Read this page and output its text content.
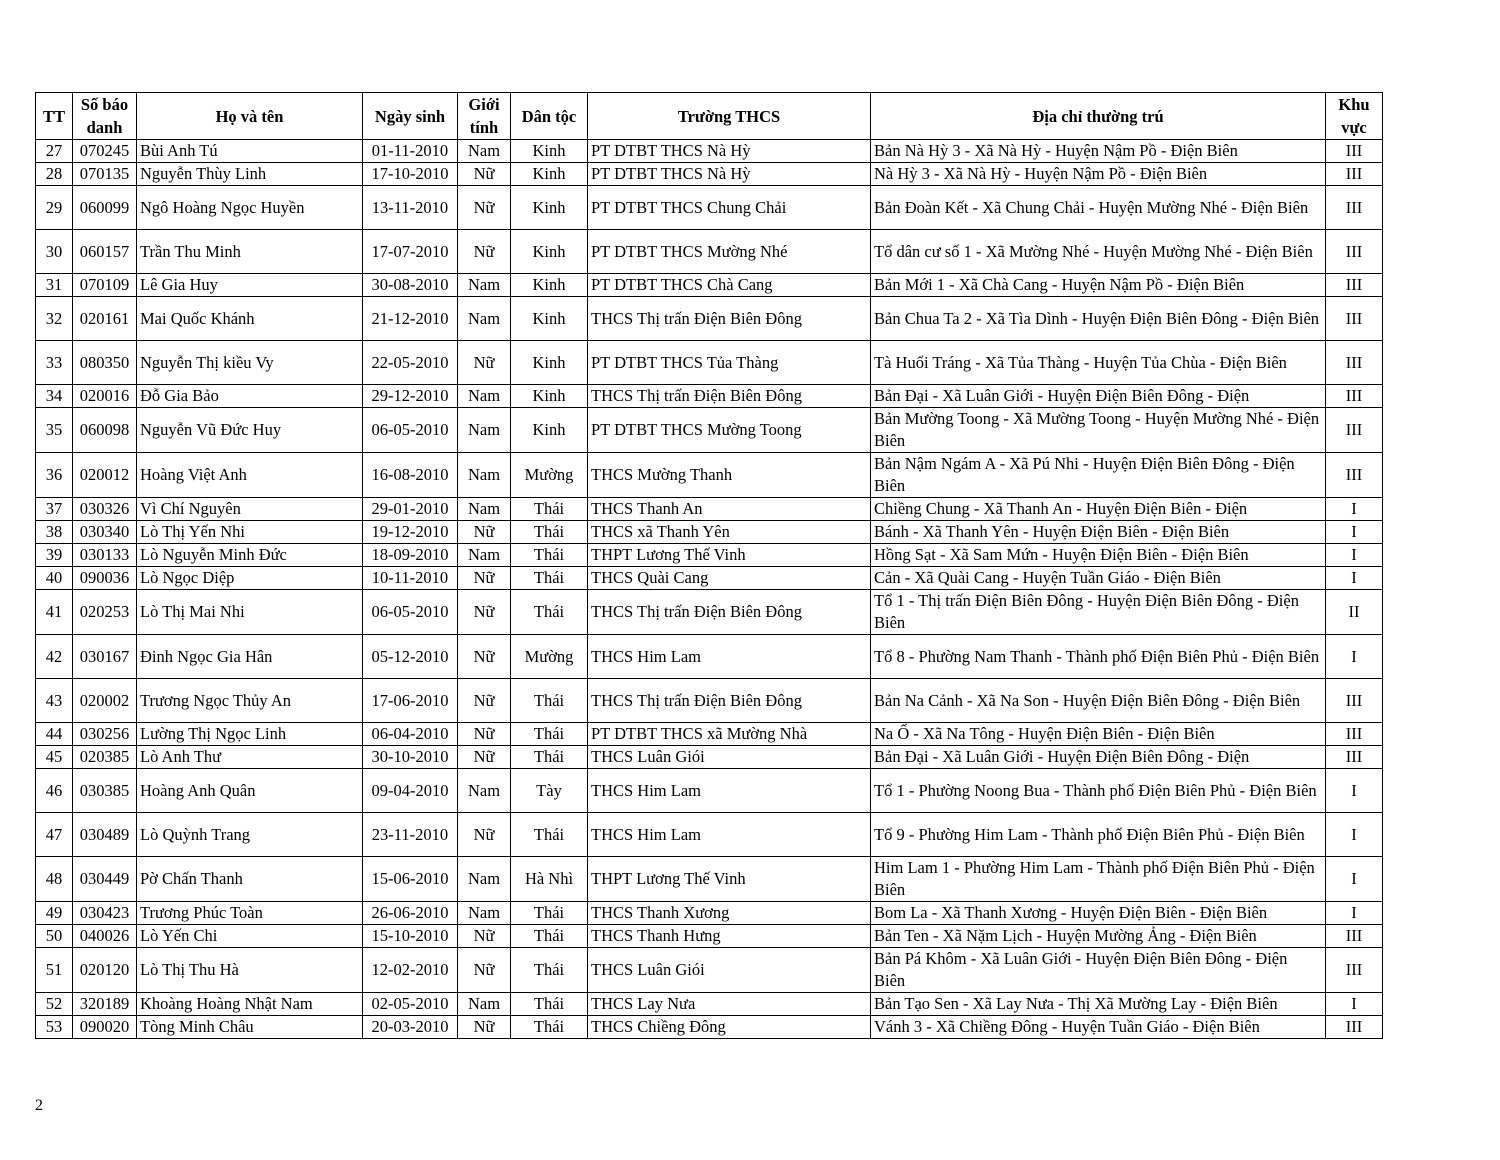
TT	Số báo danh	Họ và tên	Ngày sinh	Giới tính	Dân tộc	Trường THCS	Địa chỉ thường trú	Khu vực
27	070245	Bùi Anh Tú	01-11-2010	Nam	Kinh	PT DTBT THCS Nà Hỳ	Bản Nà Hỳ 3 - Xã Nà Hỳ - Huyện Nậm Pồ - Điện Biên	III
28	070135	Nguyễn Thùy Linh	17-10-2010	Nữ	Kinh	PT DTBT THCS Nà Hỳ	Nà Hỳ 3 - Xã Nà Hỳ - Huyện Nậm Pồ - Điện Biên	III
29	060099	Ngô Hoàng Ngọc Huyền	13-11-2010	Nữ	Kinh	PT DTBT THCS Chung Chải	Bản Đoàn Kết - Xã Chung Chải - Huyện Mường Nhé - Điện Biên	III
30	060157	Trần Thu Minh	17-07-2010	Nữ	Kinh	PT DTBT THCS Mường Nhé	Tổ dân cư số 1 - Xã Mường Nhé - Huyện Mường Nhé - Điện Biên	III
31	070109	Lê Gia Huy	30-08-2010	Nam	Kinh	PT DTBT THCS Chà Cang	Bản Mới 1 - Xã Chà Cang - Huyện Nậm Pồ - Điện Biên	III
32	020161	Mai Quốc Khánh	21-12-2010	Nam	Kinh	THCS Thị trấn Điện Biên Đông	Bản Chua Ta 2 - Xã Tìa Dình - Huyện Điện Biên Đông - Điện Biên	III
33	080350	Nguyễn Thị kiều Vy	22-05-2010	Nữ	Kinh	PT DTBT THCS Tủa Thàng	Tà Huổi Tráng - Xã Tủa Thàng - Huyện Tủa Chùa - Điện Biên	III
34	020016	Đỗ Gia Bảo	29-12-2010	Nam	Kinh	THCS Thị trấn Điện Biên Đông	Bản Đại - Xã Luân Giới - Huyện Điện Biên Đông - Điện	III
35	060098	Nguyễn Vũ Đức Huy	06-05-2010	Nam	Kinh	PT DTBT THCS Mường Toong	Bản Mường Toong - Xã Mường Toong - Huyện Mường Nhé - Điện Biên	III
36	020012	Hoàng Việt Anh	16-08-2010	Nam	Mường	THCS Mường Thanh	Bản Nậm Ngám A - Xã Pú Nhi - Huyện Điện Biên Đông - Điện Biên	III
37	030326	Vì Chí Nguyên	29-01-2010	Nam	Thái	THCS Thanh An	Chiềng Chung - Xã Thanh An - Huyện Điện Biên - Điện	I
38	030340	Lò Thị Yến Nhi	19-12-2010	Nữ	Thái	THCS xã Thanh Yên	Bánh - Xã Thanh Yên - Huyện Điện Biên - Điện Biên	I
39	030133	Lò Nguyễn Minh Đức	18-09-2010	Nam	Thái	THPT Lương Thế Vinh	Hồng Sạt - Xã Sam Mứn - Huyện Điện Biên - Điện Biên	I
40	090036	Lò Ngọc Diệp	10-11-2010	Nữ	Thái	THCS Quài Cang	Cản - Xã Quài Cang - Huyện Tuần Giáo - Điện Biên	I
41	020253	Lò Thị Mai Nhi	06-05-2010	Nữ	Thái	THCS Thị trấn Điện Biên Đông	Tổ 1 - Thị trấn Điện Biên Đông - Huyện Điện Biên Đông - Điện Biên	II
42	030167	Đinh Ngọc Gia Hân	05-12-2010	Nữ	Mường	THCS Him Lam	Tổ 8 - Phường Nam Thanh - Thành phố Điện Biên Phủ - Điện Biên	I
43	020002	Trương Ngọc Thủy An	17-06-2010	Nữ	Thái	THCS Thị trấn Điện Biên Đông	Bản Na Cảnh - Xã Na Son - Huyện Điện Biên Đông - Điện Biên	III
44	030256	Lường Thị Ngọc Linh	06-04-2010	Nữ	Thái	PT DTBT THCS xã Mường Nhà	Na Ố - Xã Na Tông - Huyện Điện Biên - Điện Biên	III
45	020385	Lò Anh Thư	30-10-2010	Nữ	Thái	THCS Luân Giói	Bản Đại - Xã Luân Giới - Huyện Điện Biên Đông - Điện	III
46	030385	Hoàng Anh Quân	09-04-2010	Nam	Tày	THCS Him Lam	Tổ 1 - Phường Noong Bua - Thành phố Điện Biên Phủ - Điện Biên	I
47	030489	Lò Quỳnh Trang	23-11-2010	Nữ	Thái	THCS Him Lam	Tổ 9 - Phường Him Lam - Thành phố Điện Biên Phủ - Điện Biên	I
48	030449	Pờ Chấn Thanh	15-06-2010	Nam	Hà Nhì	THPT Lương Thế Vinh	Him Lam 1 - Phường Him Lam - Thành phố Điện Biên Phủ - Điện Biên	I
49	030423	Trương Phúc Toàn	26-06-2010	Nam	Thái	THCS Thanh Xương	Bom La - Xã Thanh Xương - Huyện Điện Biên - Điện Biên	I
50	040026	Lò Yến Chi	15-10-2010	Nữ	Thái	THCS Thanh Hưng	Bản Ten - Xã Nặm Lịch - Huyện Mường Ảng - Điện Biên	III
51	020120	Lò Thị Thu Hà	12-02-2010	Nữ	Thái	THCS Luân Giói	Bản Pá Khôm - Xã Luân Giới - Huyện Điện Biên Đông - Điện Biên	III
52	320189	Khoàng Hoàng Nhật Nam	02-05-2010	Nam	Thái	THCS Lay Nưa	Bản Tạo Sen - Xã Lay Nưa - Thị Xã Mường Lay - Điện Biên	I
53	090020	Tòng Minh Châu	20-03-2010	Nữ	Thái	THCS Chiềng Đông	Vánh 3 - Xã Chiềng Đông - Huyện Tuần Giáo - Điện Biên	III
2
